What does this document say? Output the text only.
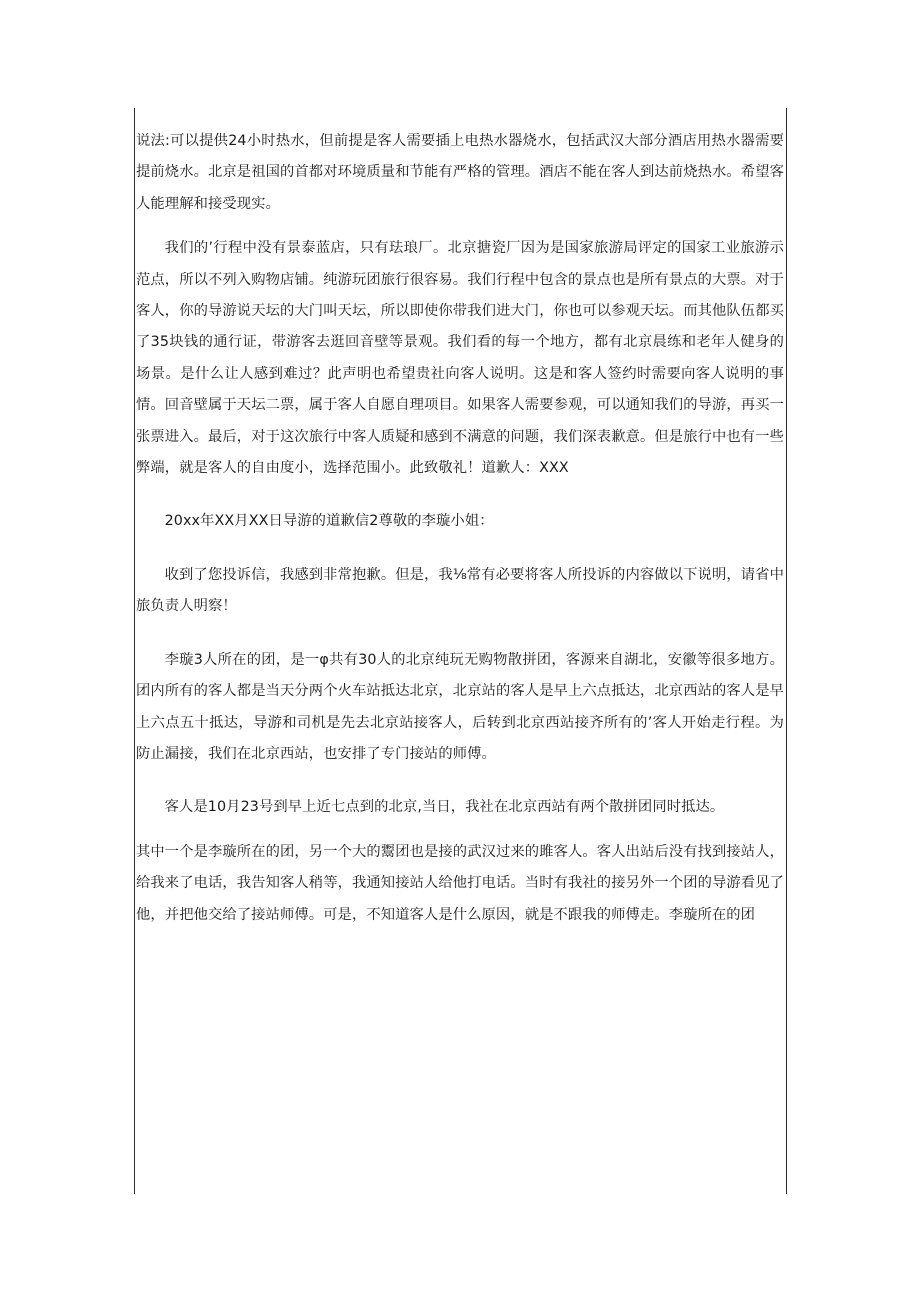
说法:可以提供24小时热水，但前提是客人需要插上电热水器烧水，包括武汉大部分酒店用热水器需要提前烧水。北京是祖国的首都对环境质量和节能有严格的管理。酒店不能在客人到达前烧热水。希望客人能理解和接受现实。

我们的’行程中没有景泰蓝店，只有珐琅厂。北京搪瓷厂因为是国家旅游局评定的国家工业旅游示范点，所以不列入购物店铺。纯游玩团旅行很容易。我们行程中包含的景点也是所有景点的大票。对于客人，你的导游说天坛的大门叫天坛，所以即使你带我们进大门，你也可以参观天坛。而其他队伍都买了35块钱的通行证，带游客去逛回音壁等景观。我们看的每一个地方，都有北京晨练和老年人健身的场景。是什么让人感到难过？此声明也希望贵社向客人说明。这是和客人签约时需要向客人说明的事情。回音壁属于天坛二票，属于客人自愿自理项目。如果客人需要参观，可以通知我们的导游，再买一张票进入。最后，对于这次旅行中客人质疑和感到不满意的问题，我们深表歉意。但是旅行中也有一些弊端，就是客人的自由度小，选择范围小。此致敬礼！道歉人：XXX

20xx年XX月XX日导游的道歉信2尊敬的李璇小姐：

收到了您投诉信，我感到非常抱歉。但是，我⅛常有必要将客人所投诉的内容做以下说明，请省中旅负责人明察！

李璇3人所在的团，是一φ共有30人的北京纯玩无购物散拼团，客源来自湖北，安徽等很多地方。团内所有的客人都是当天分两个火车站抵达北京，北京站的客人是早上六点抵达，北京西站的客人是早上六点五十抵达，导游和司机是先去北京站接客人，后转到北京西站接齐所有的’客人开始走行程。为防止漏接，我们在北京西站，也安排了专门接站的师傅。

客人是10月23号到早上近七点到的北京,当日，我社在北京西站有两个散拼团同时抵达。

其中一个是李璇所在的团，另一个大的鬻团也是接的武汉过来的雎客人。客人出站后没有找到接站人，给我来了电话，我告知客人稍等，我通知接站人给他打电话。当时有我社的接另外一个团的导游看见了他，并把他交给了接站师傅。可是，不知道客人是什么原因，就是不跟我的师傅走。李璇所在的团
